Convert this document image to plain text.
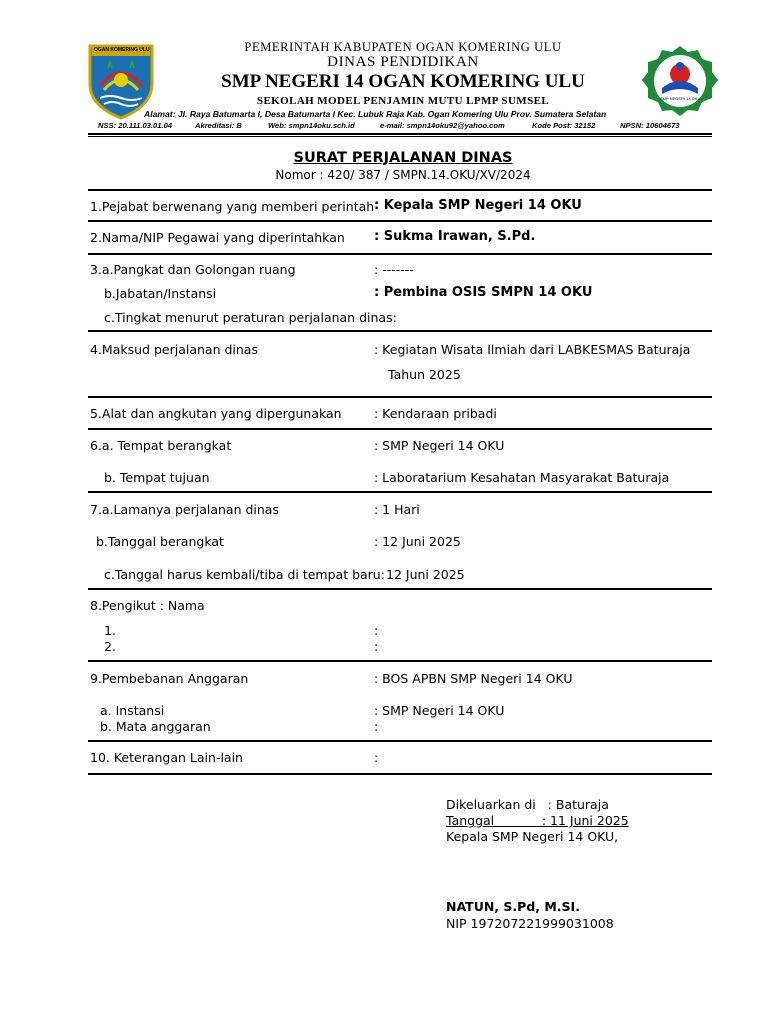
OGAN KOMERING ULU
SMP NEGERI 14 OKU
PEMERINTAH KABUPATEN OGAN KOMERING ULU
DINAS PENDIDIKAN
SMP NEGERI 14 OGAN KOMERING ULU
SEKOLAH MODEL PENJAMIN MUTU LPMP SUMSEL
Alamat: Jl. Raya Batumarta I, Desa Batumarta I Kec. Lubuk Raja Kab. Ogan Komering Ulu Prov. Sumatera Selatan
NSS: 20.111.03.01.04	Akreditasi: B	Web: smpn14oku.sch.id	e-mail: smpn14oku92@yahoo.com	Kode Post: 32152	NPSN: 10604673
SURAT PERJALANAN DINAS
Nomor : 420/ 387 / SMPN.14.OKU/XV/2024
1.Pejabat berwenang yang memberi perintah : Kepala SMP Negeri 14 OKU
2.Nama/NIP Pegawai yang diperintahkan : Sukma Irawan, S.Pd.
3.a.Pangkat dan Golongan ruang	: -------
b.Jabatan/Instansi	: Pembina OSIS SMPN 14 OKU
c.Tingkat menurut peraturan perjalanan dinas:
4.Maksud perjalanan dinas	: Kegiatan Wisata Ilmiah dari LABKESMAS Baturaja
Tahun 2025
5.Alat dan angkutan yang dipergunakan	: Kendaraan pribadi
6.a. Tempat berangkat	: SMP Negeri 14 OKU
b. Tempat tujuan	: Laboratarium Kesahatan Masyarakat Baturaja
7.a.Lamanya perjalanan dinas	: 1 Hari
b.Tanggal berangkat	: 12 Juni 2025
c.Tanggal harus kembali/tiba di tempat baru: 12 Juni 2025
8.Pengikut : Nama
1.	:
2.	:
9.Pembebanan Anggaran	: BOS APBN SMP Negeri 14 OKU
a. Instansi	: SMP Negeri 14 OKU
b. Mata anggaran	:
10. Keterangan Lain-lain	:
Dikeluarkan di   : Baturaja
Tanggal            : 11 Juni 2025
Kepala SMP Negeri 14 OKU,
NATUN, S.Pd, M.SI.
NIP 197207221999031008
